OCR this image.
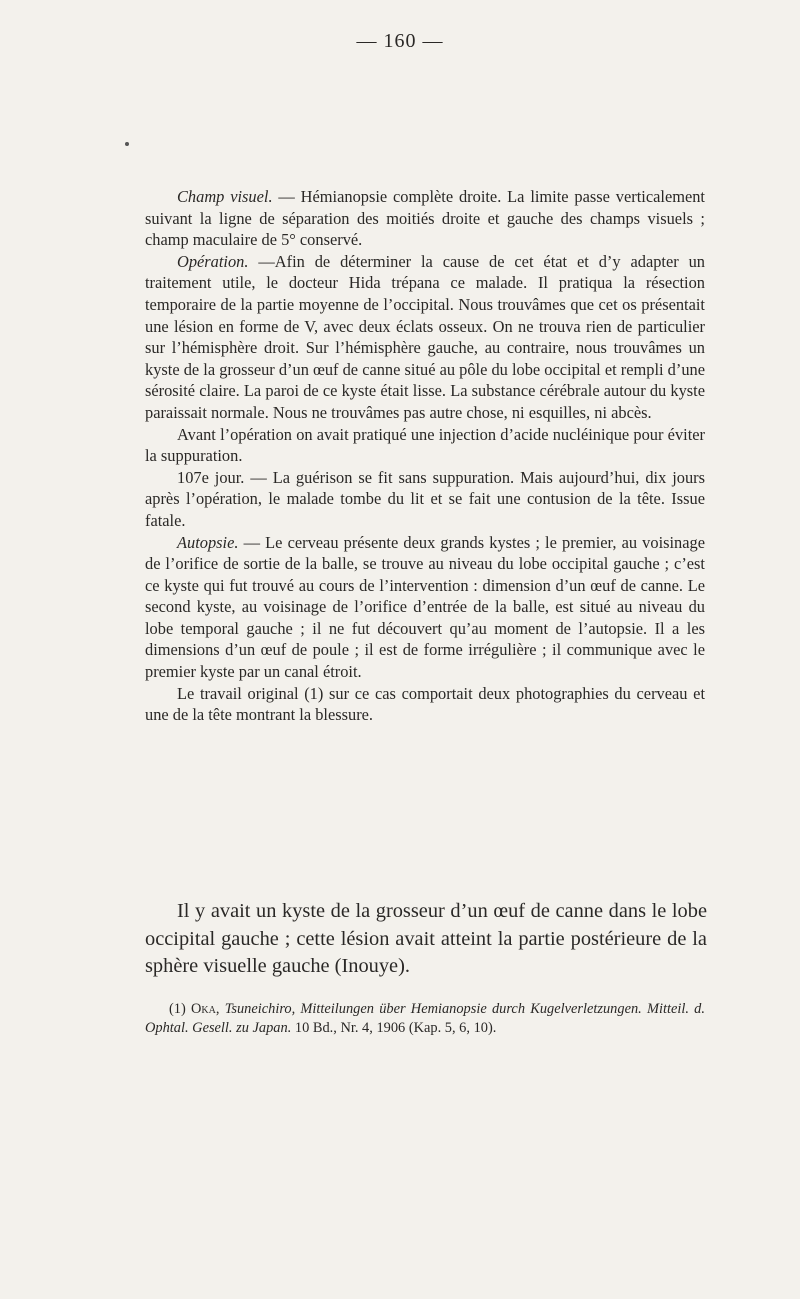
— 160 —

Champ visuel. — Hémianopsie complète droite. La limite passe verticalement suivant la ligne de séparation des moitiés droite et gauche des champs visuels ; champ maculaire de 5° conservé.

Opération. —Afin de déterminer la cause de cet état et d’y adapter un traitement utile, le docteur Hida trépana ce malade. Il pratiqua la résection temporaire de la partie moyenne de l’occipital. Nous trouvâmes que cet os présentait une lésion en forme de V, avec deux éclats osseux. On ne trouva rien de particulier sur l’hémisphère droit. Sur l’hémisphère gauche, au contraire, nous trouvâmes un kyste de la grosseur d’un œuf de canne situé au pôle du lobe occipital et rempli d’une sérosité claire. La paroi de ce kyste était lisse. La substance cérébrale autour du kyste paraissait normale. Nous ne trouvâmes pas autre chose, ni esquilles, ni abcès.

Avant l’opération on avait pratiqué une injection d’acide nucléinique pour éviter la suppuration.

107e jour. — La guérison se fit sans suppuration. Mais aujourd’hui, dix jours après l’opération, le malade tombe du lit et se fait une contusion de la tête. Issue fatale.

Autopsie. — Le cerveau présente deux grands kystes ; le premier, au voisinage de l’orifice de sortie de la balle, se trouve au niveau du lobe occipital gauche ; c’est ce kyste qui fut trouvé au cours de l’intervention : dimension d’un œuf de canne. Le second kyste, au voisinage de l’orifice d’entrée de la balle, est situé au niveau du lobe temporal gauche ; il ne fut découvert qu’au moment de l’autopsie. Il a les dimensions d’un œuf de poule ; il est de forme irrégulière ; il communique avec le premier kyste par un canal étroit.

Le travail original (1) sur ce cas comportait deux photographies du cerveau et une de la tête montrant la blessure.

Il y avait un kyste de la grosseur d’un œuf de canne dans le lobe occipital gauche ; cette lésion avait atteint la partie postérieure de la sphère visuelle gauche (Inouye).

(1) Oka, Tsuneichiro, Mitteilungen über Hemianopsie durch Kugelverletzungen. Mitteil. d. Ophtal. Gesell. zu Japan. 10 Bd., Nr. 4, 1906 (Kap. 5, 6, 10).
